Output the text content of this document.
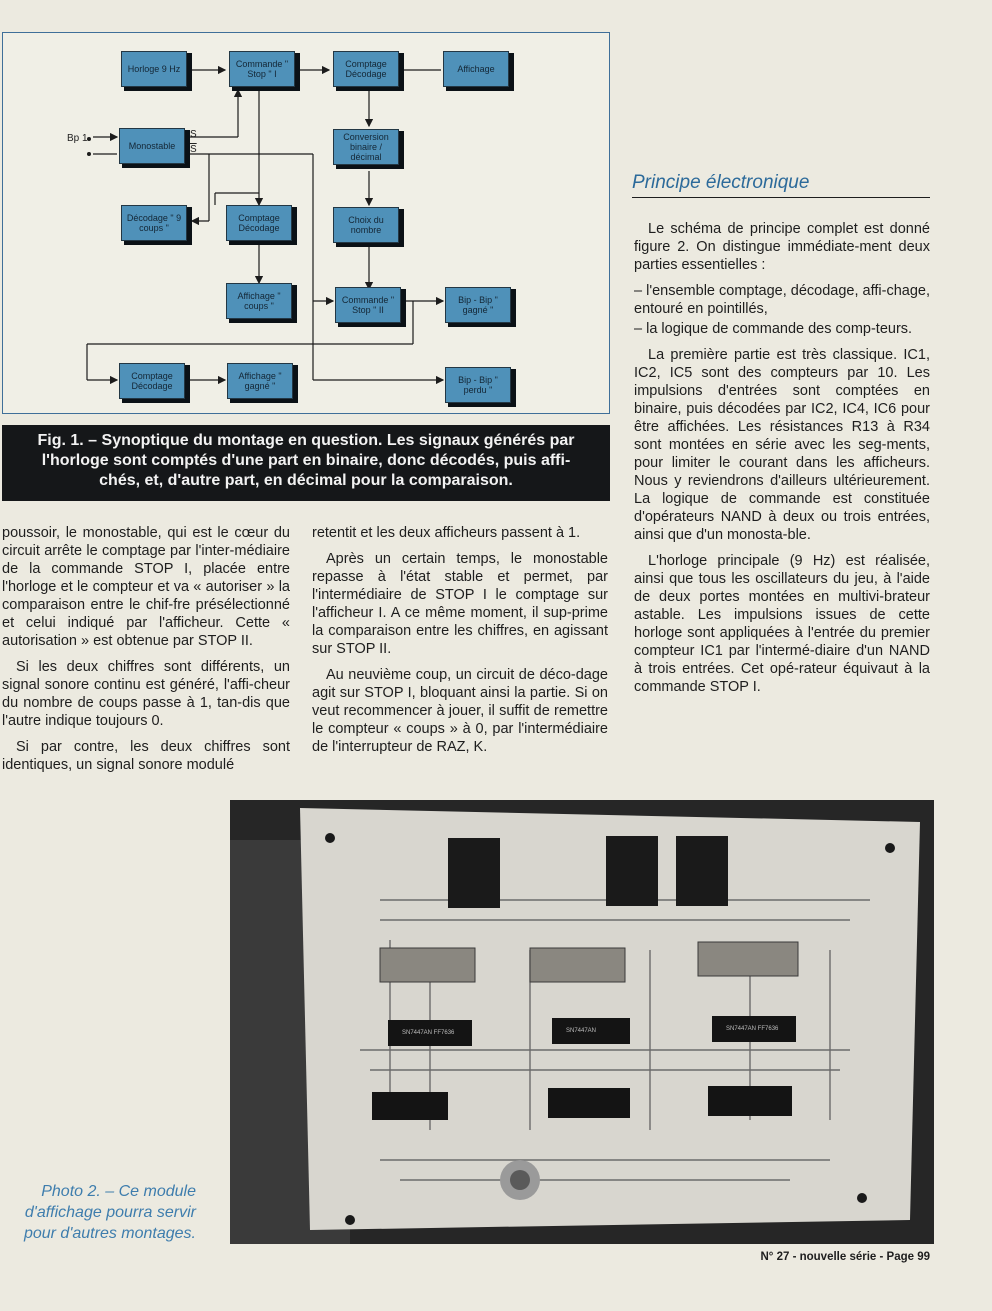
Horloge 9 Hz	Commande " Stop " I
Comptage Décodage	Affichage
Monostable
Conversion binaire / décimal
Décodage " 9 coups "
Comptage Décodage
Choix du nombre
Affichage " coups "
Commande " Stop " II
Bip - Bip " gagné "
Comptage Décodage
Affichage " gagné "
Bip - Bip " perdu "
Bp 1	S
$\overline{S}$
Fig. 1. – Synoptique du montage en question. Les signaux générés par
l'horloge sont comptés d'une part en binaire, donc décodés, puis affi-
chés, et, d'autre part, en décimal pour la comparaison.
Principe électronique

Le schéma de principe complet est donné figure 2. On distingue immédiate-ment deux parties essentielles :

– l'ensemble comptage, décodage, affi-chage, entouré en pointillés,

– la logique de commande des comp-teurs.

La première partie est très classique. IC1, IC2, IC5 sont des compteurs par 10. Les impulsions d'entrées sont comptées en binaire, puis décodées par IC2, IC4, IC6 pour être affichées. Les résistances R13 à R34 sont montées en série avec les seg-ments, pour limiter le courant dans les afficheurs. Nous y reviendrons d'ailleurs ultérieurement. La logique de commande est constituée d'opérateurs NAND à deux ou trois entrées, ainsi que d'un monosta-ble.

L'horloge principale (9 Hz) est réalisée, ainsi que tous les oscillateurs du jeu, à l'aide de deux portes montées en multivi-brateur astable. Les impulsions issues de cette horloge sont appliquées à l'entrée du premier compteur IC1 par l'intermé-diaire d'un NAND à trois entrées. Cet opé-rateur équivaut à la commande STOP I.

poussoir, le monostable, qui est le cœur du circuit arrête le comptage par l'inter-médiaire de la commande STOP I, placée entre l'horloge et le compteur et va « autoriser » la comparaison entre le chif-fre présélectionné et celui indiqué par l'afficheur. Cette « autorisation » est obtenue par STOP II.

Si les deux chiffres sont différents, un signal sonore continu est généré, l'affi-cheur du nombre de coups passe à 1, tan-dis que l'autre indique toujours 0.

Si par contre, les deux chiffres sont identiques, un signal sonore modulé

retentit et les deux afficheurs passent à 1.

Après un certain temps, le monostable repasse à l'état stable et permet, par l'intermédiaire de STOP I le comptage sur l'afficheur I. A ce même moment, il sup-prime la comparaison entre les chiffres, en agissant sur STOP II.

Au neuvième coup, un circuit de déco-dage agit sur STOP I, bloquant ainsi la partie. Si on veut recommencer à jouer, il suffit de remettre le compteur « coups » à 0, par l'intermédiaire de l'interrupteur de RAZ, K.

SN7447AN FF7636	SN7447AN	SN7447AN FF7636
Photo 2. – Ce module d'affichage pourra servir pour d'autres montages.
N° 27 - nouvelle série - Page 99
